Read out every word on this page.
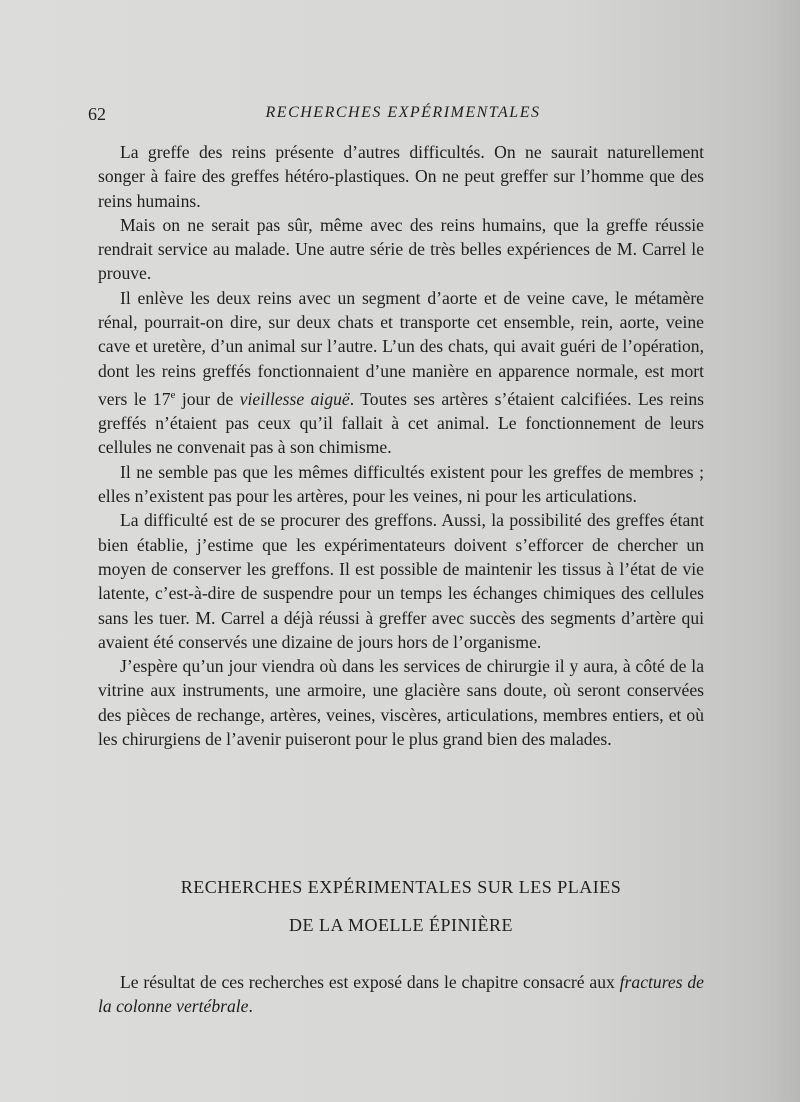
62	RECHERCHES EXPÉRIMENTALES

La greffe des reins présente d’autres difficultés. On ne saurait naturellement songer à faire des greffes hétéro-plastiques. On ne peut greffer sur l’homme que des reins humains.

Mais on ne serait pas sûr, même avec des reins humains, que la greffe réussie rendrait service au malade. Une autre série de très belles expériences de M. Carrel le prouve.

Il enlève les deux reins avec un segment d’aorte et de veine cave, le métamère rénal, pourrait-on dire, sur deux chats et transporte cet ensemble, rein, aorte, veine cave et uretère, d’un animal sur l’autre. L’un des chats, qui avait guéri de l’opération, dont les reins greffés fonctionnaient d’une manière en apparence normale, est mort vers le 17e jour de vieillesse aiguë. Toutes ses artères s’étaient calcifiées. Les reins greffés n’étaient pas ceux qu’il fallait à cet animal. Le fonctionnement de leurs cellules ne convenait pas à son chimisme.

Il ne semble pas que les mêmes difficultés existent pour les greffes de membres ; elles n’existent pas pour les artères, pour les veines, ni pour les articulations.

La difficulté est de se procurer des greffons. Aussi, la possibilité des greffes étant bien établie, j’estime que les expérimentateurs doivent s’efforcer de chercher un moyen de conserver les greffons. Il est possible de maintenir les tissus à l’état de vie latente, c’est-à-dire de suspendre pour un temps les échanges chimiques des cellules sans les tuer. M. Carrel a déjà réussi à greffer avec succès des segments d’artère qui avaient été conservés une dizaine de jours hors de l’organisme.

J’espère qu’un jour viendra où dans les services de chirurgie il y aura, à côté de la vitrine aux instruments, une armoire, une glacière sans doute, où seront conservées des pièces de rechange, artères, veines, viscères, articulations, membres entiers, et où les chirurgiens de l’avenir puiseront pour le plus grand bien des malades.

RECHERCHES EXPÉRIMENTALES SUR LES PLAIES
DE LA MOELLE ÉPINIÈRE

Le résultat de ces recherches est exposé dans le chapitre consacré aux fractures de la colonne vertébrale.
